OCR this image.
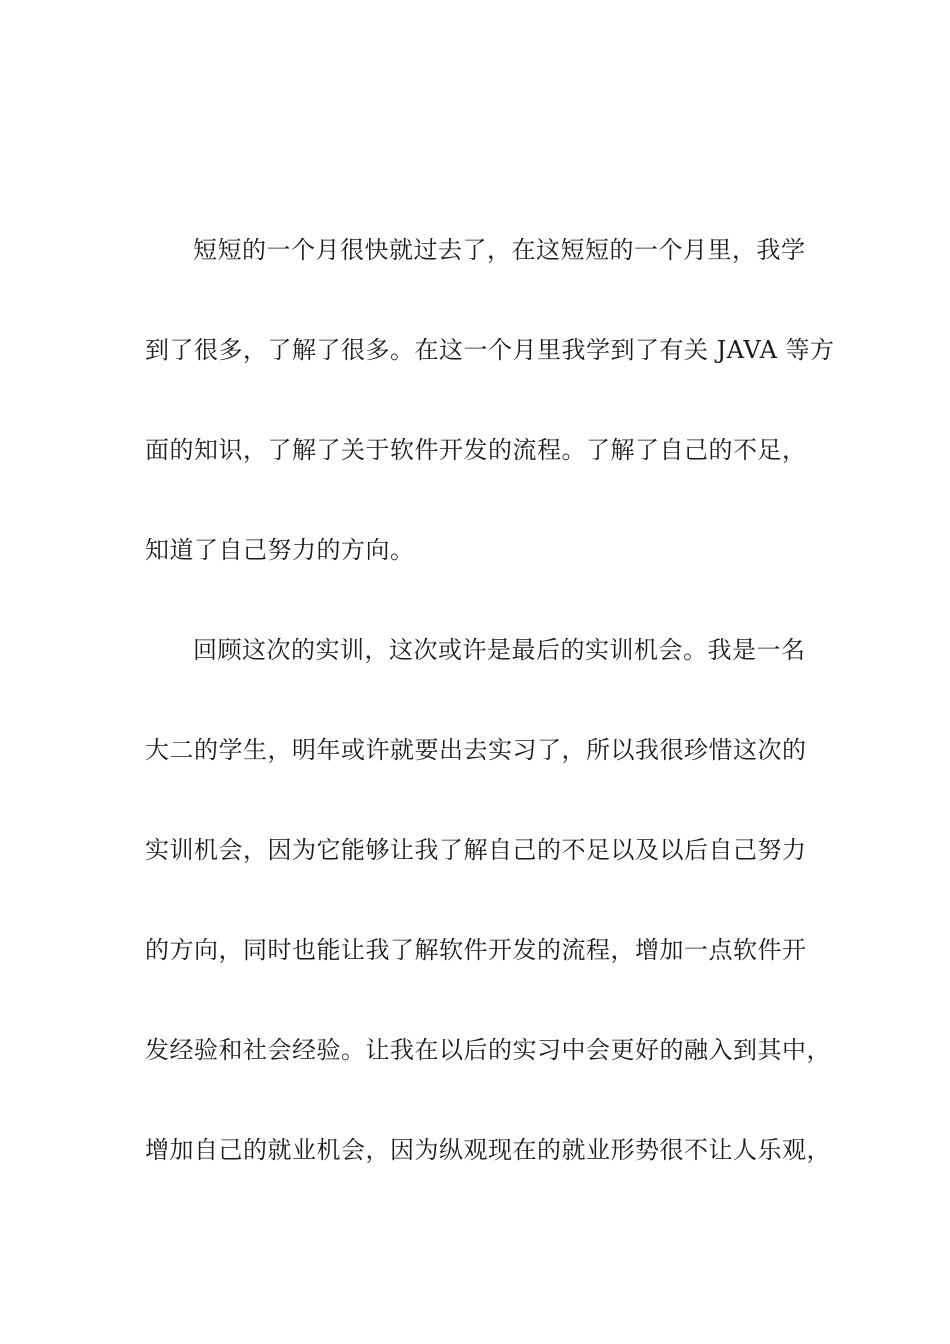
短短的一个月很快就过去了，在这短短的一个月里，我学
到了很多，了解了很多。在这一个月里我学到了有关 JAVA 等方
面的知识，了解了关于软件开发的流程。了解了自己的不足，
知道了自己努力的方向。
回顾这次的实训，这次或许是最后的实训机会。我是一名
大二的学生，明年或许就要出去实习了，所以我很珍惜这次的
实训机会，因为它能够让我了解自己的不足以及以后自己努力
的方向，同时也能让我了解软件开发的流程，增加一点软件开
发经验和社会经验。让我在以后的实习中会更好的融入到其中，
增加自己的就业机会，因为纵观现在的就业形势很不让人乐观，
